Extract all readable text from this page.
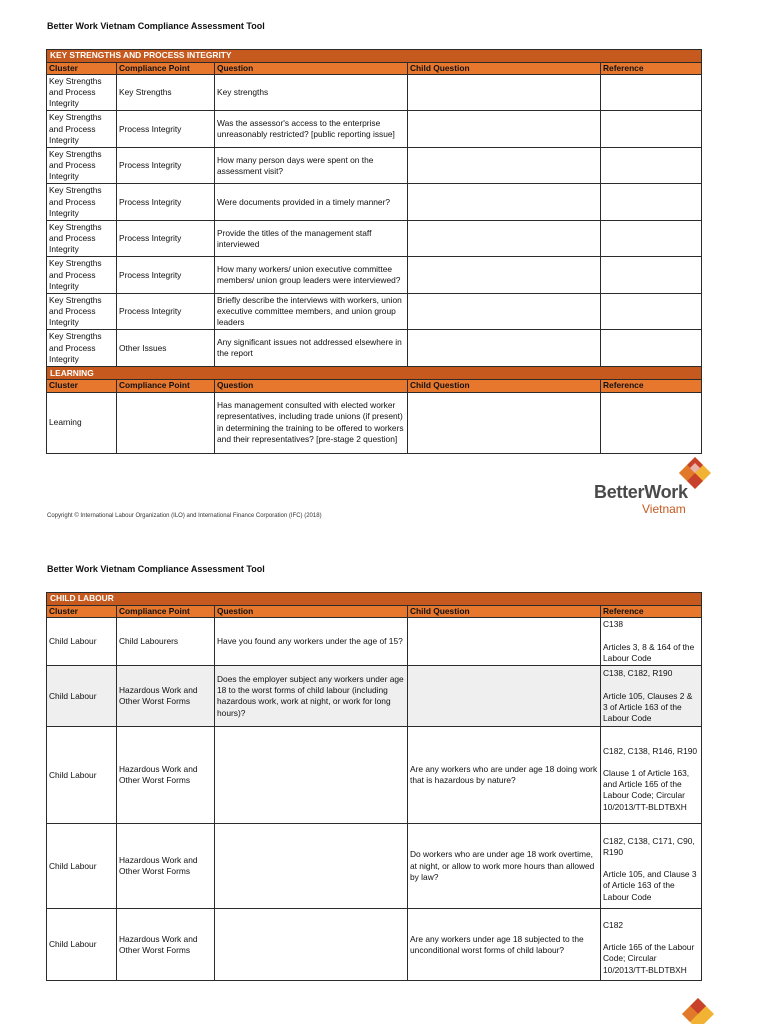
Better Work Vietnam Compliance Assessment Tool
KEY STRENGTHS AND PROCESS INTEGRITY				
Cluster	Compliance Point	Question	Child Question	Reference
Key Strengths and Process Integrity	Key Strengths	Key strengths		
Key Strengths and Process Integrity	Process Integrity	Was the assessor's access to the enterprise unreasonably restricted? [public reporting issue]		
Key Strengths and Process Integrity	Process Integrity	How many person days were spent on the assessment visit?		
Key Strengths and Process Integrity	Process Integrity	Were documents provided in a timely manner?		
Key Strengths and Process Integrity	Process Integrity	Provide the titles of the management staff interviewed		
Key Strengths and Process Integrity	Process Integrity	How many workers/ union executive committee members/ union group leaders were interviewed?		
Key Strengths and Process Integrity	Process Integrity	Briefly describe the interviews with workers, union executive committee members, and union group leaders		
Key Strengths and Process Integrity	Other Issues	Any significant issues not addressed elsewhere in the report		
LEARNING				
Cluster	Compliance Point	Question	Child Question	Reference
Learning		Has management consulted with elected worker representatives, including trade unions (if present) in determining the training to be offered to workers and their representatives? [pre-stage 2 question]		
BetterWork
Vietnam
Copyright © International Labour Organization (ILO) and International Finance Corporation (IFC) (2018)
Better Work Vietnam Compliance Assessment Tool
CHILD LABOUR				
Cluster	Compliance Point	Question	Child Question	Reference
Child Labour	Child Labourers	Have you found any workers under the age of 15?		C138
Articles 3, 8 & 164 of the Labour Code
Child Labour	Hazardous Work and Other Worst Forms	Does the employer subject any workers under age 18 to the worst forms of child labour (including hazardous work, work at night, or work for long hours)?		C138, C182, R190
Article 105, Clauses 2 & 3 of Article 163 of the Labour Code
Child Labour	Hazardous Work and Other Worst Forms		Are any workers who are under age 18 doing work that is hazardous by nature?	C182, C138, R146, R190
Clause 1 of Article 163, and Article 165 of the Labour Code; Circular 10/2013/TT-BLDTBXH
Child Labour	Hazardous Work and Other Worst Forms		Do workers who are under age 18 work overtime, at night, or allow to work more hours than allowed by law?	C182, C138, C171, C90, R190
Article 105, and Clause 3 of Article 163 of the Labour Code
Child Labour	Hazardous Work and Other Worst Forms		Are any workers under age 18 subjected to the unconditional worst forms of child labour?	C182
Article 165 of the Labour Code; Circular 10/2013/TT-BLDTBXH
